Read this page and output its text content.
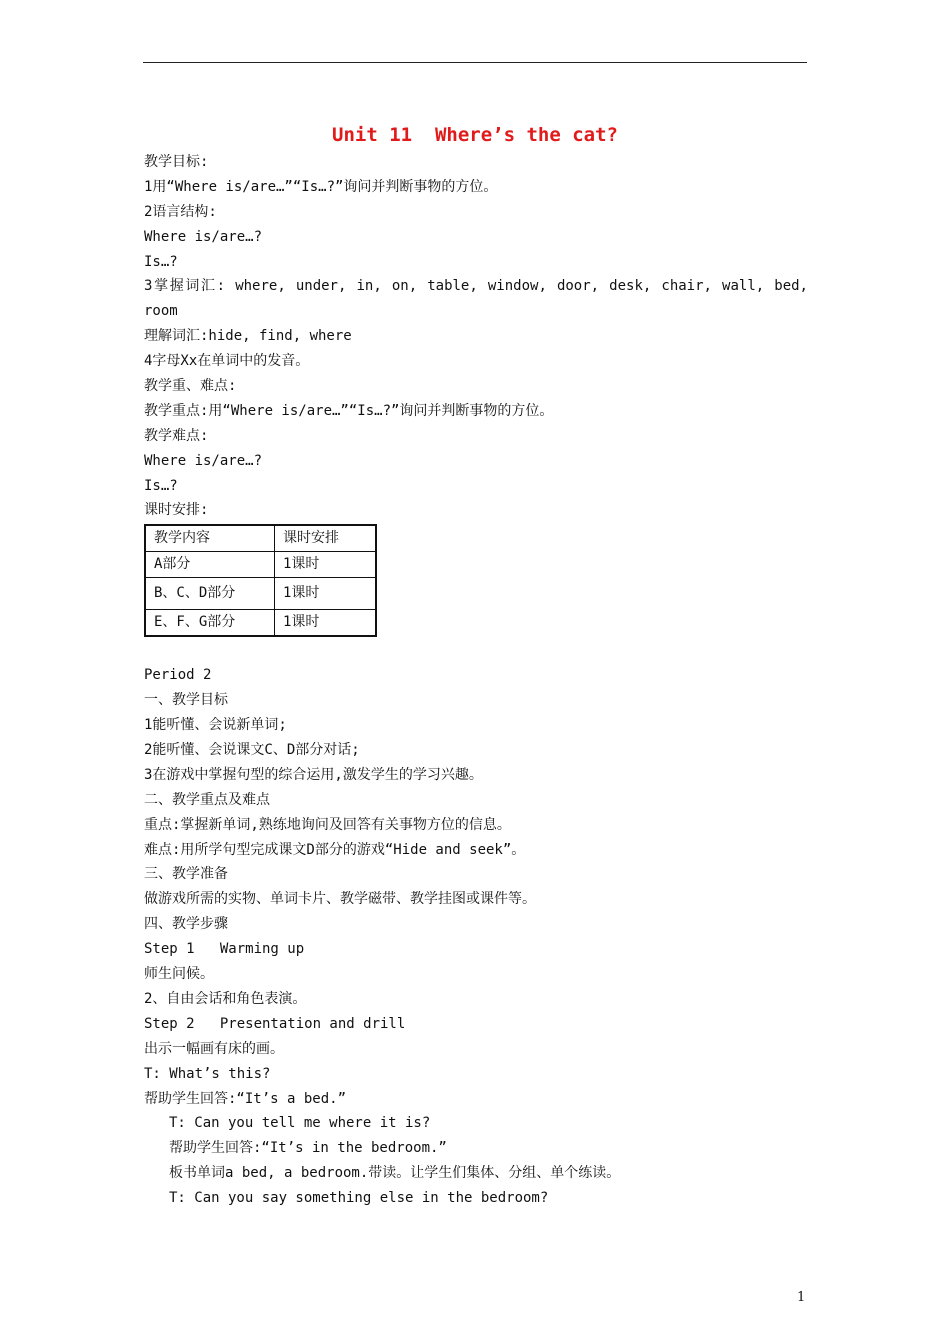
Unit 11  Where’s the cat?
教学目标:
1用“Where is/are…”“Is…?”询问并判断事物的方位。
2语言结构:
Where is/are…?
Is…?
3掌握词汇: where, under, in, on, table, window, door, desk, chair, wall, bed,
room
理解词汇:hide, find, where
4字母Xx在单词中的发音。
教学重、难点:
教学重点:用“Where is/are…”“Is…?”询问并判断事物的方位。
教学难点:
Where is/are…?
Is…?
课时安排:
教学内容	课时安排
A部分	1课时
B、C、D部分	1课时
E、F、G部分	1课时
Period 2
一、教学目标
1能听懂、会说新单词;
2能听懂、会说课文C、D部分对话;
3在游戏中掌握句型的综合运用,激发学生的学习兴趣。
二、教学重点及难点
重点:掌握新单词,熟练地询问及回答有关事物方位的信息。
难点:用所学句型完成课文D部分的游戏“Hide and seek”。
三、教学准备
做游戏所需的实物、单词卡片、教学磁带、教学挂图或课件等。
四、教学步骤
Step 1   Warming up
师生问候。
2、自由会话和角色表演。
Step 2   Presentation and drill
出示一幅画有床的画。
T: What’s this?
帮助学生回答:“It’s a bed.”
T: Can you tell me where it is?
帮助学生回答:“It’s in the bedroom.”
板书单词a bed, a bedroom.带读。让学生们集体、分组、单个练读。
T: Can you say something else in the bedroom?
1
